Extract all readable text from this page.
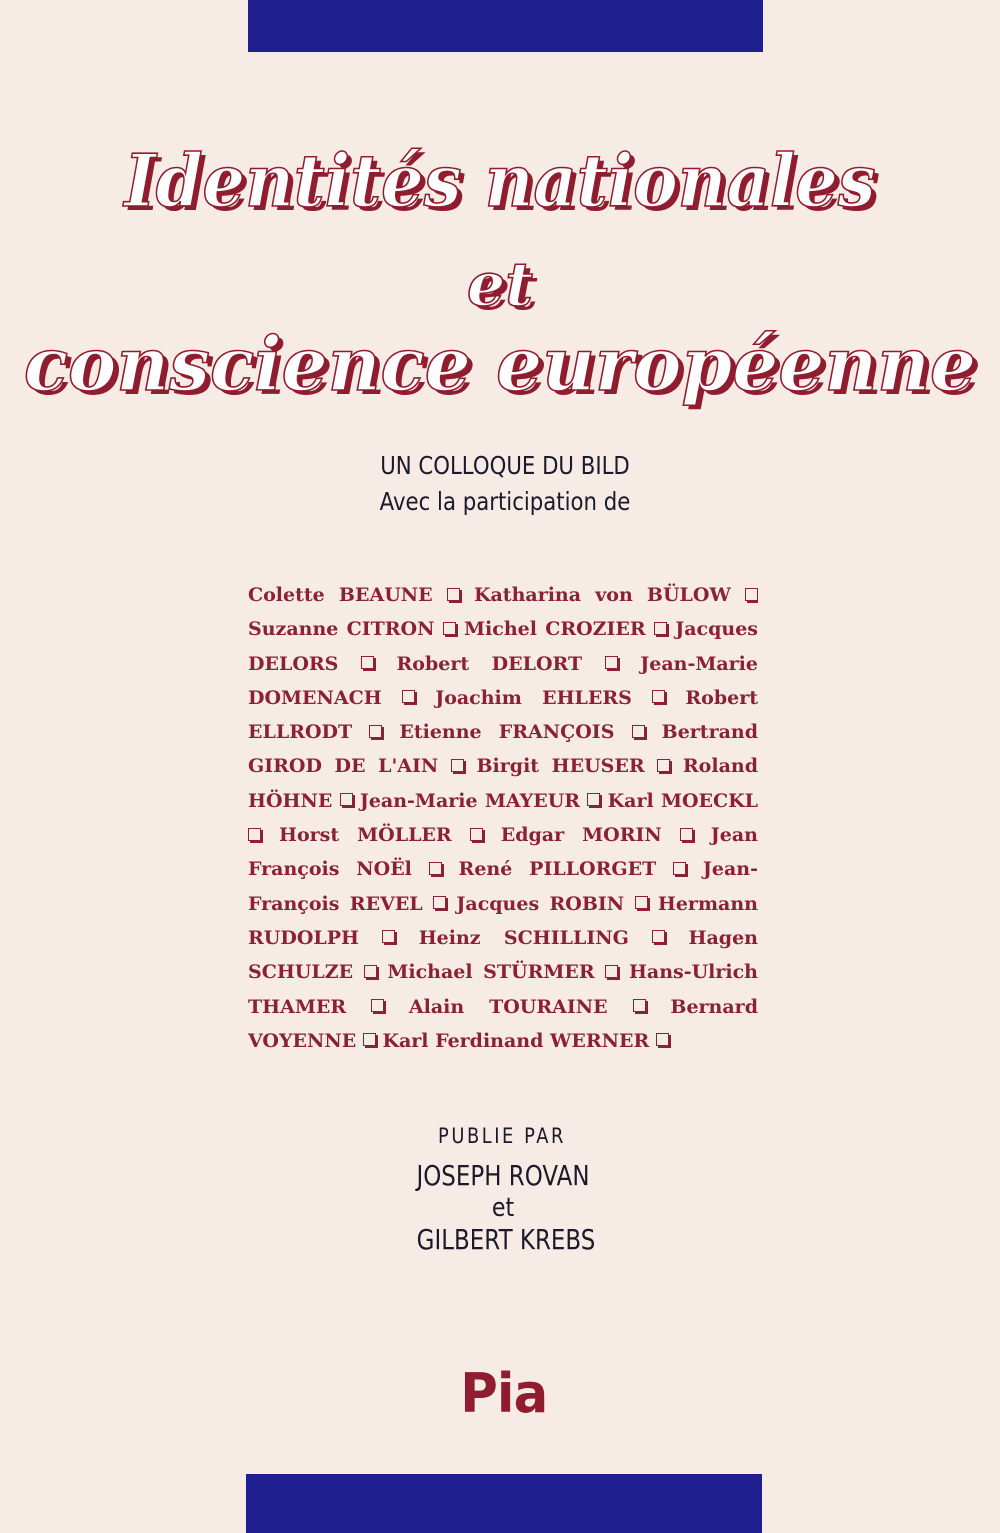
Identités nationales
et
conscience européenne
UN COLLOQUE DU BILD
Avec la participation de
Colette BEAUNE  Katharina von BÜLOW
Suzanne CITRON  Michel CROZIER  Jacques
DELORS  Robert DELORT  Jean-Marie
DOMENACH  Joachim EHLERS  Robert
ELLRODT  Etienne FRANÇOIS  Bertrand
GIROD DE L'AIN  Birgit HEUSER  Roland
HÖHNE  Jean-Marie MAYEUR  Karl MOECKL
Horst MÖLLER  Edgar MORIN  Jean
François NOËl  René PILLORGET  Jean-
François REVEL  Jacques ROBIN  Hermann
RUDOLPH  Heinz SCHILLING  Hagen
SCHULZE  Michael STÜRMER  Hans-Ulrich
THAMER  Alain TOURAINE  Bernard
VOYENNE  Karl Ferdinand WERNER
PUBLIE PAR
JOSEPH ROVAN
et
GILBERT KREBS
Pia
